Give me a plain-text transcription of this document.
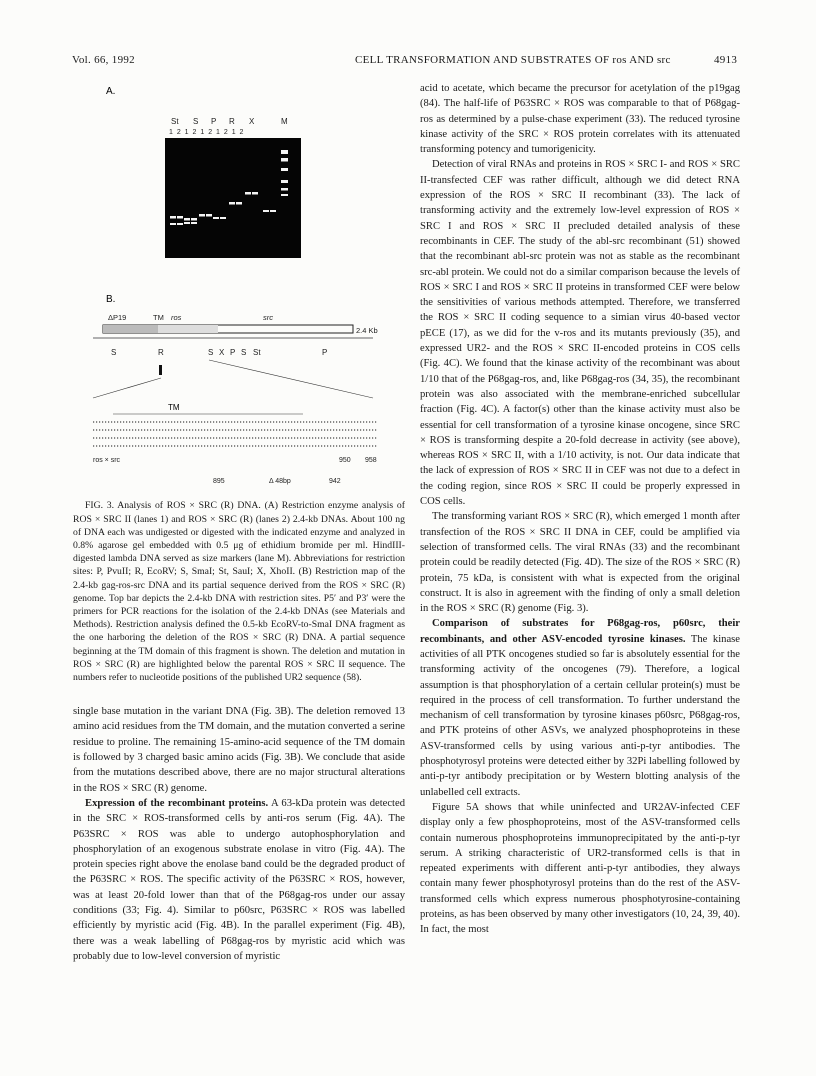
Vol. 66, 1992	CELL TRANSFORMATION AND SUBSTRATES OF ros AND src	4913
A.
St S P R X	M
1 2 1 2 1 2 1 2 1 2
B.
ΔP19	TM ros	src
2.4 Kb
S	R	S X P S St	P
TM
ros × src	950 958
895	Δ 48bp	942

FIG. 3. Analysis of ROS × SRC (R) DNA. (A) Restriction enzyme analysis of ROS × SRC II (lanes 1) and ROS × SRC (R) (lanes 2) 2.4-kb DNAs. About 100 ng of DNA each was undigested or digested with the indicated enzyme and analyzed in 0.8% agarose gel embedded with 0.5 μg of ethidium bromide per ml. HindIII-digested lambda DNA served as size markers (lane M). Abbreviations for restriction sites: P, PvuII; R, EcoRV; S, SmaI; St, SauI; X, XhoII. (B) Restriction map of the 2.4-kb gag-ros-src DNA and its partial sequence derived from the ROS × SRC (R) genome. Top bar depicts the 2.4-kb DNA with restriction sites. P5′ and P3′ were the primers for PCR reactions for the isolation of the 2.4-kb DNAs (see Materials and Methods). Restriction analysis defined the 0.5-kb EcoRV-to-SmaI DNA fragment as the one harboring the deletion of the ROS × SRC (R) DNA. A partial sequence beginning at the TM domain of this fragment is shown. The deletion and mutation in ROS × SRC (R) are highlighted below the parental ROS × SRC II sequence. The numbers refer to nucleotide positions of the published UR2 sequence (58).

single base mutation in the variant DNA (Fig. 3B). The deletion removed 13 amino acid residues from the TM domain, and the mutation converted a serine residue to proline. The remaining 15-amino-acid sequence of the TM domain is followed by 3 charged basic amino acids (Fig. 3B). We conclude that aside from the mutations described above, there are no major structural alterations in the ROS × SRC (R) genome.

Expression of the recombinant proteins. A 63-kDa protein was detected in the SRC × ROS-transformed cells by anti-ros serum (Fig. 4A). The P63SRC × ROS was able to undergo autophosphorylation and phosphorylation of an exogenous substrate enolase in vitro (Fig. 4A). The protein species right above the enolase band could be the degraded product of the P63SRC × ROS. The specific activity of the P63SRC × ROS, however, was at least 20-fold lower than that of the P68gag-ros under our assay conditions (33; Fig. 4). Similar to p60src, P63SRC × ROS was labelled efficiently by myristic acid (Fig. 4B). In the parallel experiment (Fig. 4B), there was a weak labelling of P68gag-ros by myristic acid which was probably due to low-level conversion of myristic

acid to acetate, which became the precursor for acetylation of the p19gag (84). The half-life of P63SRC × ROS was comparable to that of P68gag-ros as determined by a pulse-chase experiment (33). The reduced tyrosine kinase activity of the SRC × ROS protein correlates with its attenuated transforming potency and tumorigenicity.

Detection of viral RNAs and proteins in ROS × SRC I- and ROS × SRC II-transfected CEF was rather difficult, although we did detect RNA expression of the ROS × SRC II recombinant (33). The lack of transforming activity and the extremely low-level expression of ROS × SRC I and ROS × SRC II precluded detailed analysis of these recombinants in CEF. The study of the abl-src recombinant (51) showed that the recombinant abl-src protein was not as stable as the recombinant src-abl protein. We could not do a similar comparison because the levels of ROS × SRC I and ROS × SRC II proteins in transformed CEF were below the sensitivities of various methods attempted. Therefore, we transferred the ROS × SRC II coding sequence to a simian virus 40-based vector pECE (17), as we did for the v-ros and its mutants previously (35), and expressed UR2- and the ROS × SRC II-encoded proteins in COS cells (Fig. 4C). We found that the kinase activity of the recombinant was about 1/10 that of the P68gag-ros, and, like P68gag-ros (34, 35), the recombinant protein was also associated with the membrane-enriched subcellular fraction (Fig. 4C). A factor(s) other than the kinase activity must also be essential for cell transformation of a tyrosine kinase oncogene, since SRC × ROS is transforming despite a 20-fold decrease in activity (see above), whereas ROS × SRC II, with a 1/10 activity, is not. Our data indicate that the lack of expression of ROS × SRC II in CEF was not due to a defect in the coding region, since ROS × SRC II could be properly expressed in COS cells.

The transforming variant ROS × SRC (R), which emerged 1 month after transfection of the ROS × SRC II DNA in CEF, could be amplified via selection of transformed cells. The viral RNAs (33) and the recombinant protein could be readily detected (Fig. 4D). The size of the ROS × SRC (R) protein, 75 kDa, is consistent with what is expected from the original construct. It is also in agreement with the finding of only a small deletion in the ROS × SRC (R) genome (Fig. 3).

Comparison of substrates for P68gag-ros, p60src, their recombinants, and other ASV-encoded tyrosine kinases. The kinase activities of all PTK oncogenes studied so far is absolutely essential for the transforming activity of the oncogenes (79). Therefore, a logical assumption is that phosphorylation of a certain cellular protein(s) must be required in the process of cell transformation. To further understand the mechanism of cell transformation by tyrosine kinases p60src, P68gag-ros, and PTK proteins of other ASVs, we analyzed phosphoproteins in these ASV-transformed cells by using various anti-p-tyr antibodies. The phosphotyrosyl proteins were detected either by 32Pi labelling followed by anti-p-tyr antibody precipitation or by Western blotting analysis of the unlabelled cell extracts.

Figure 5A shows that while uninfected and UR2AV-infected CEF display only a few phosphoproteins, most of the ASV-transformed cells contain numerous phosphoproteins immunoprecipitated by the anti-p-tyr serum. A striking characteristic of UR2-transformed cells is that in repeated experiments with different anti-p-tyr antibodies, they always contain many fewer phosphotyrosyl proteins than do the rest of the ASV-transformed cells which express numerous phosphotyrosine-containing proteins, as has been observed by many other investigators (10, 24, 39, 40). In fact, the most
